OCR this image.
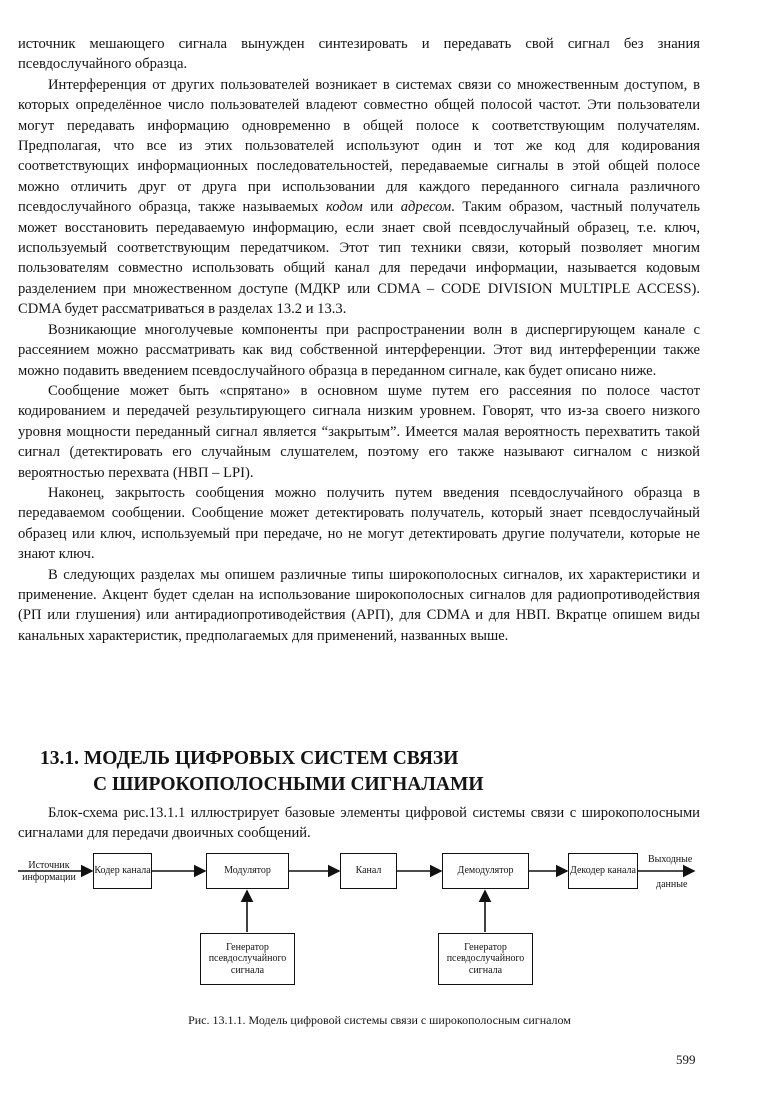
источник мешающего сигнала вынужден синтезировать и передавать свой сигнал без знания псевдослучайного образца.

Интерференция от других пользователей возникает в системах связи со множественным доступом, в которых определённое число пользователей владеют совместно общей полосой частот. Эти пользователи могут передавать информацию одновременно в общей полосе к соответствующим получателям. Предполагая, что все из этих пользователей используют один и тот же код для кодирования соответствующих информационных последовательностей, передаваемые сигналы в этой общей полосе можно отличить друг от друга при использовании для каждого переданного сигнала различного псевдослучайного образца, также называемых кодом или адресом. Таким образом, частный получатель может восстановить передаваемую информацию, если знает свой псевдослучайный образец, т.е. ключ, используемый соответствующим передатчиком. Этот тип техники связи, который позволяет многим пользователям совместно использовать общий канал для передачи информации, называется кодовым разделением при множественном доступе (МДКР или CDMA – CODE DIVISION MULTIPLE ACCESS). CDMA будет рассматриваться в разделах 13.2 и 13.3.

Возникающие многолучевые компоненты при распространении волн в диспергирующем канале с рассеянием можно рассматривать как вид собственной интерференции. Этот вид интерференции также можно подавить введением псевдослучайного образца в переданном сигнале, как будет описано ниже.

Сообщение может быть «спрятано» в основном шуме путем его рассеяния по полосе частот кодированием и передачей результирующего сигнала низким уровнем. Говорят, что из-за своего низкого уровня мощности переданный сигнал является “закрытым”. Имеется малая вероятность перехватить такой сигнал (детектировать его случайным слушателем, поэтому его также называют сигналом с низкой вероятностью перехвата (НВП – LPI).

Наконец, закрытость сообщения можно получить путем введения псевдослучайного образца в передаваемом сообщении. Сообщение может детектировать получатель, который знает псевдослучайный образец или ключ, используемый при передаче, но не могут детектировать другие получатели, которые не знают ключ.

В следующих разделах мы опишем различные типы широкополосных сигналов, их характеристики и применение. Акцент будет сделан на использование широкополосных сигналов для радиопротиводействия (РП или глушения) или антирадиопротиводействия (АРП), для CDMA и для НВП. Вкратце опишем виды канальных характеристик, предполагаемых для применений, названных выше.

13.1. МОДЕЛЬ ЦИФРОВЫХ СИСТЕМ СВЯЗИ
С ШИРОКОПОЛОСНЫМИ СИГНАЛАМИ

Блок-схема рис.13.1.1 иллюстрирует базовые элементы цифровой системы связи с широкополосными сигналами для передачи двоичных сообщений.

Источник информации
Кодер канала	Модулятор	Канал	Демодулятор	Декодер канала
Выходные
данные
Генератор псевдослучайного сигнала
Генератор псевдослучайного сигнала
Рис. 13.1.1. Модель цифровой системы связи с широкополосным сигналом
599
